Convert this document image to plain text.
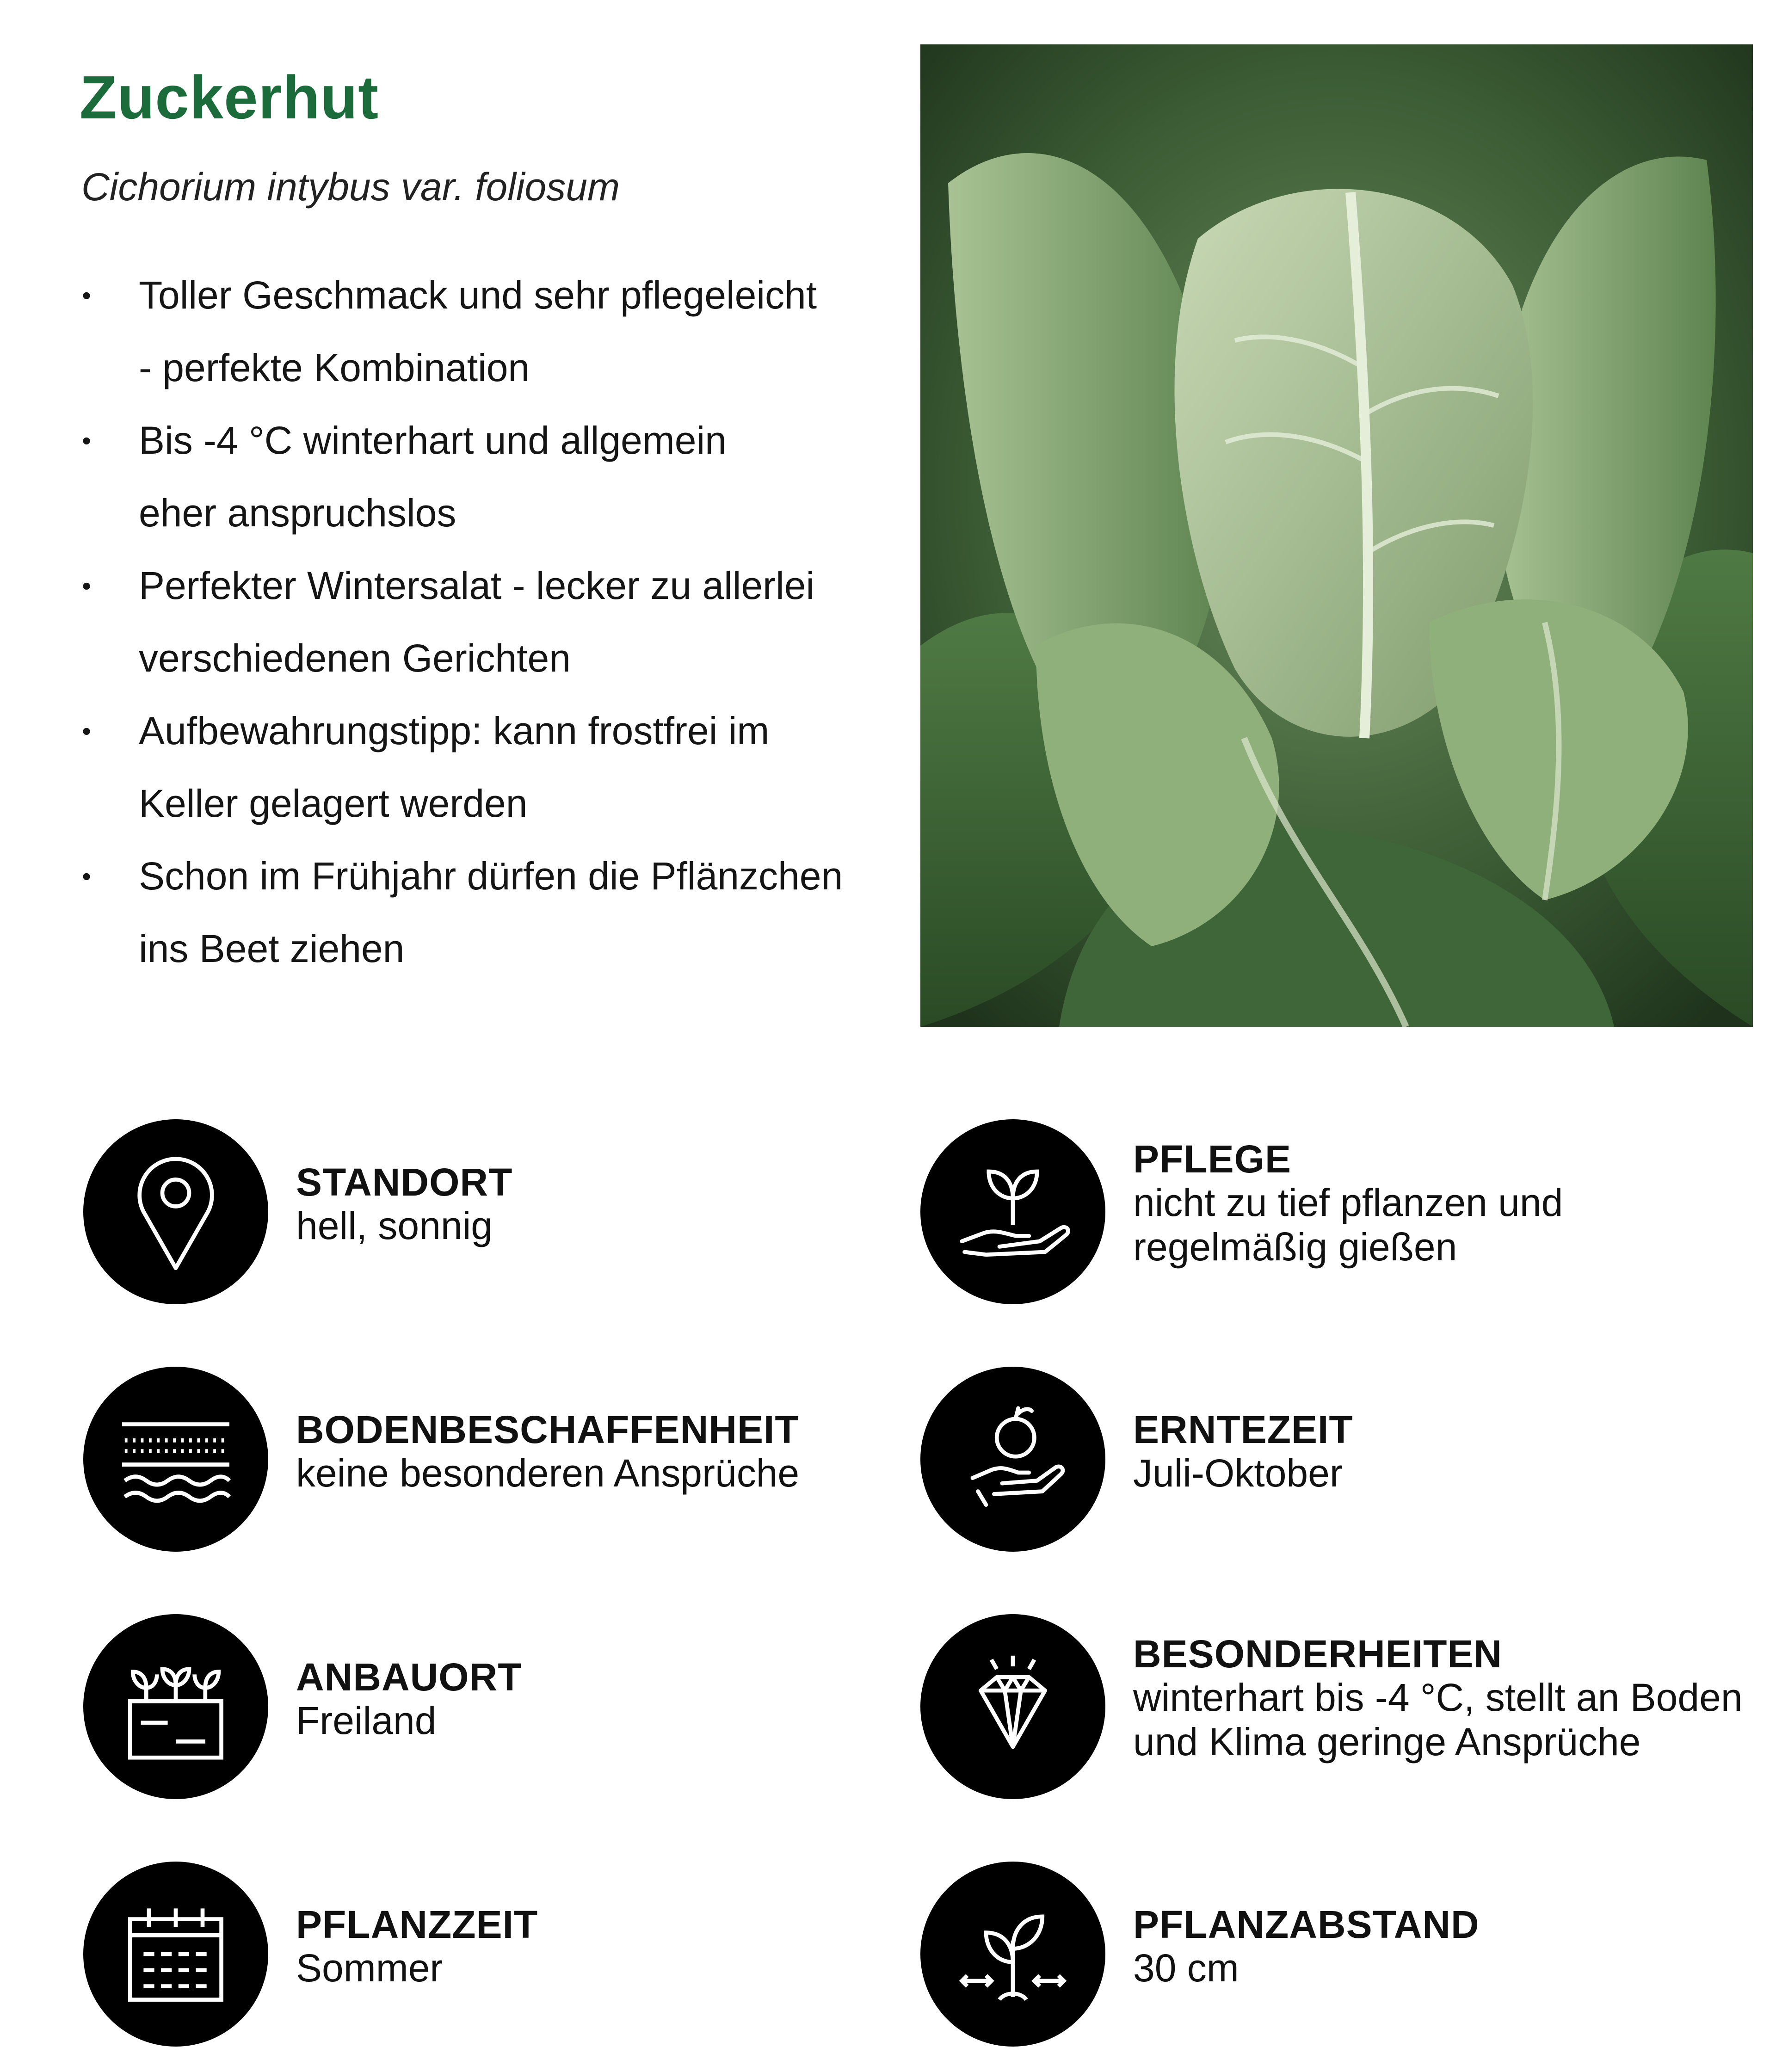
Zuckerhut
Cichorium intybus var. foliosum
• Toller Geschmack und sehr pflegeleicht
- perfekte Kombination
• Bis -4 °C winterhart und allgemein
eher anspruchslos
• Perfekter Wintersalat - lecker zu allerlei
verschiedenen Gerichten
• Aufbewahrungstipp: kann frostfrei im
Keller gelagert werden
• Schon im Frühjahr dürfen die Pflänzchen
ins Beet ziehen
STANDORT
hell, sonnig
PFLEGE
nicht zu tief pflanzen und
regelmäßig gießen
BODENBESCHAFFENHEIT
keine besonderen Ansprüche
ERNTEZEIT
Juli-Oktober
ANBAUORT
Freiland
BESONDERHEITEN
winterhart bis -4 °C, stellt an Boden
und Klima geringe Ansprüche
PFLANZZEIT
Sommer
PFLANZABSTAND
30 cm
